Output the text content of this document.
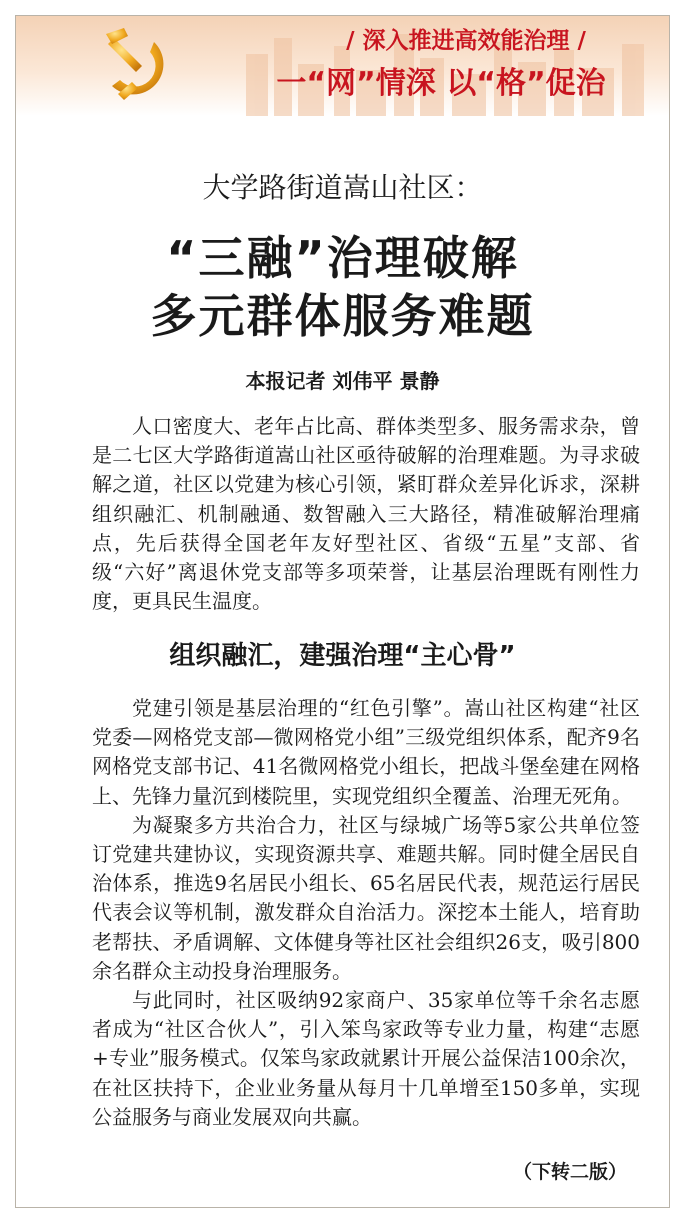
/ 深入推进高效能治理 /
一“网”情深 以“格”促治
大学路街道嵩山社区：
“三融”治理破解
多元群体服务难题
本报记者 刘伟平 景静

人口密度大、老年占比高、群体类型多、服务需求杂，曾是二七区大学路街道嵩山社区亟待破解的治理难题。为寻求破解之道，社区以党建为核心引领，紧盯群众差异化诉求，深耕组织融汇、机制融通、数智融入三大路径，精准破解治理痛点，先后获得全国老年友好型社区、省级“五星”支部、省级“六好”离退休党支部等多项荣誉，让基层治理既有刚性力度，更具民生温度。

组织融汇，建强治理“主心骨”

党建引领是基层治理的“红色引擎”。嵩山社区构建“社区党委—网格党支部—微网格党小组”三级党组织体系，配齐9名网格党支部书记、41名微网格党小组长，把战斗堡垒建在网格上、先锋力量沉到楼院里，实现党组织全覆盖、治理无死角。

为凝聚多方共治合力，社区与绿城广场等5家公共单位签订党建共建协议，实现资源共享、难题共解。同时健全居民自治体系，推选9名居民小组长、65名居民代表，规范运行居民代表会议等机制，激发群众自治活力。深挖本土能人，培育助老帮扶、矛盾调解、文体健身等社区社会组织26支，吸引800余名群众主动投身治理服务。

与此同时，社区吸纳92家商户、35家单位等千余名志愿者成为“社区合伙人”，引入笨鸟家政等专业力量，构建“志愿+专业”服务模式。仅笨鸟家政就累计开展公益保洁100余次，在社区扶持下，企业业务量从每月十几单增至150多单，实现公益服务与商业发展双向共赢。

（下转二版）
